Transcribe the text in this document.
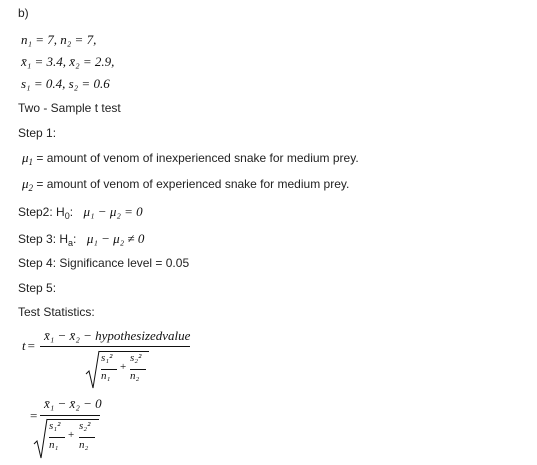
b)
n₁ = 7, n₂ = 7,
x̄₁ = 3.4, x̄₂ = 2.9,
s₁ = 0.4, s₂ = 0.6
Two - Sample t test
Step 1:
$\mu_1$ = amount of venom of inexperienced snake for medium prey.
$\mu_2$ = amount of venom of experienced snake for medium prey.
Step2: $H_0$: μ₁ − μ₂ = 0
Step 3: $H_a$: μ₁ − μ₂ ≠ 0
Step 4: Significance level = 0.05
Step 5:
Test Statistics:
t =
x̄₁ − x̄₂ − hypothesizedvalue
s₁²
n₁
+
s₂²
n₂
=
x̄₁ − x̄₂ − 0
s₁²
n₁
+
s₂²
n₂
